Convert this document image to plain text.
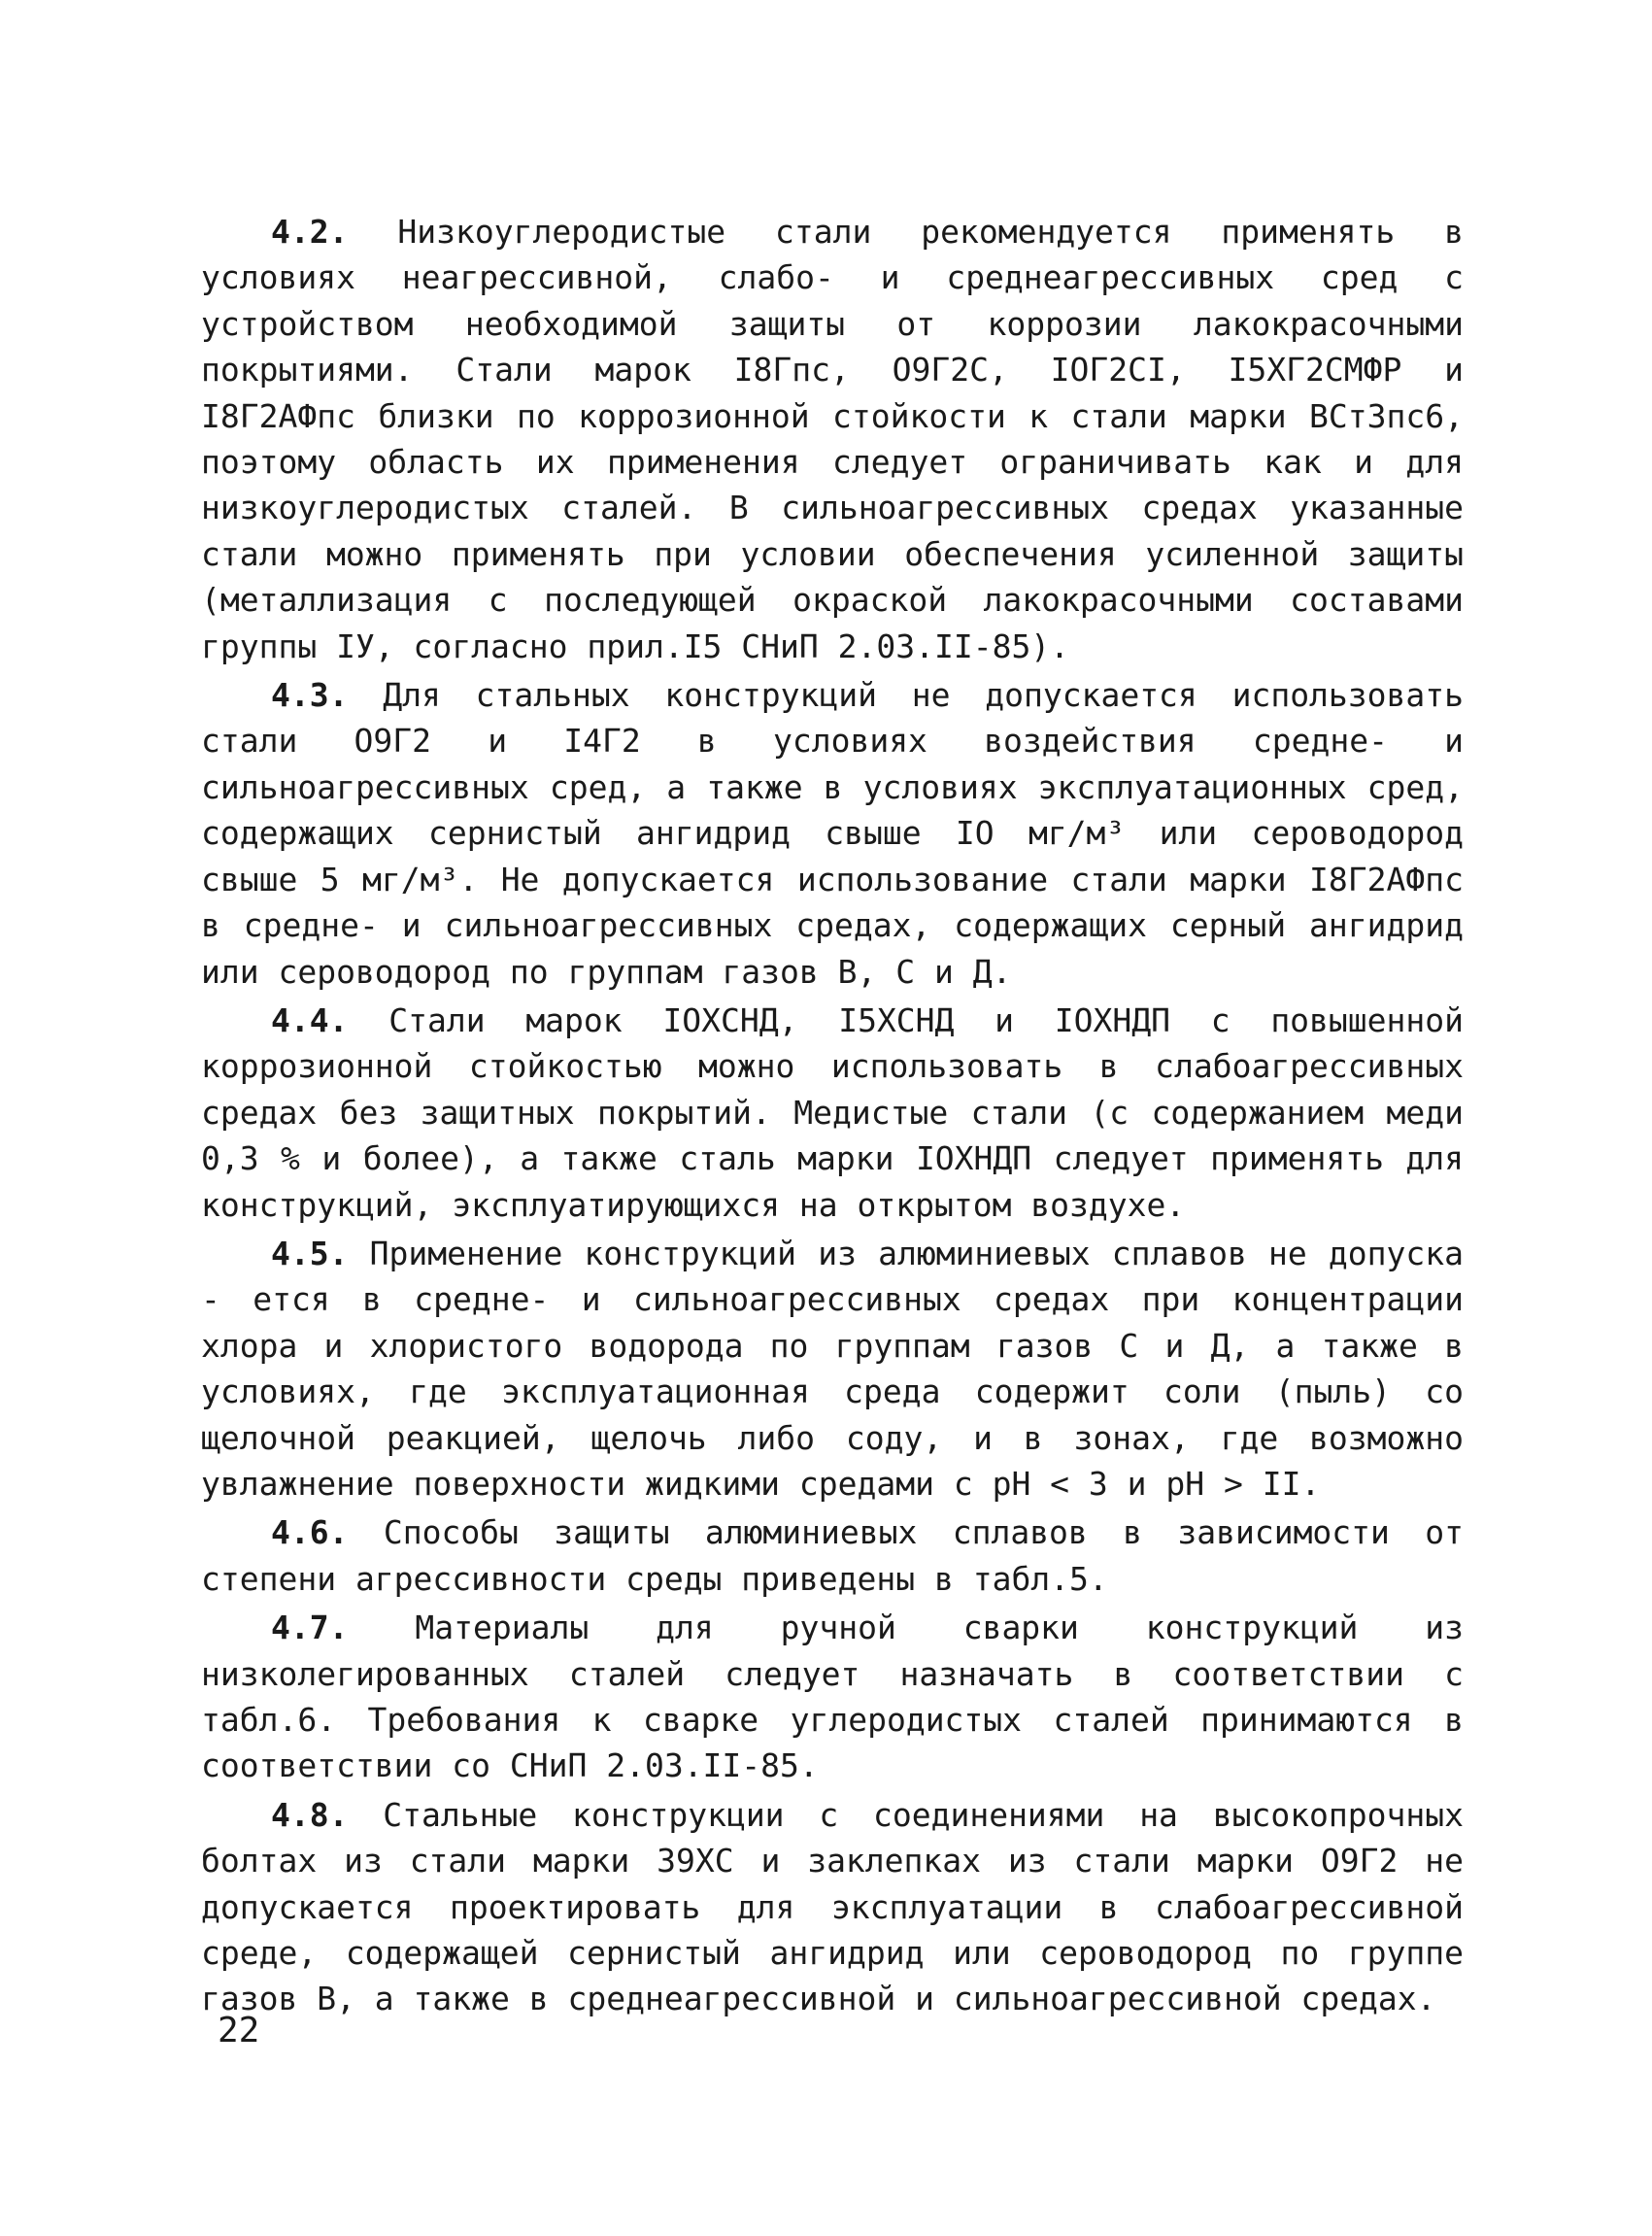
4.2. Низкоуглеродистые стали рекомендуется применять в условиях неагрессивной, слабо- и среднеагрессивных сред с устройством необходимой защиты от коррозии лакокрасочными покрытиями. Стали марок I8Гпс, О9Г2С, IОГ2СI, I5ХГ2СМФР и I8Г2АФпс близки по коррозионной стойкости к стали марки ВСт3пс6, поэтому область их применения следует ограничивать как и для низкоуглеродистых сталей. В сильноагрессивных средах указанные стали можно применять при условии обеспечения усиленной защиты (металлизация с последующей окраской лакокрасочными составами группы IУ, согласно прил.I5 СНиП 2.03.II-85).

4.3. Для стальных конструкций не допускается использовать стали О9Г2 и I4Г2 в условиях воздействия средне- и сильноагрессивных сред, а также в условиях эксплуатационных сред, содержащих сернистый ангидрид свыше IО мг/м³ или сероводород свыше 5 мг/м³. Не допускается использование стали марки I8Г2АФпс в средне- и сильноагрессивных средах, содержащих серный ангидрид или сероводород по группам газов В, С и Д.

4.4. Стали марок IОХСНД, I5ХСНД и IОХНДП с повышенной коррозионной стойкостью можно использовать в слабоагрессивных средах без защитных покрытий. Медистые стали (с содержанием меди 0,3 % и более), а также сталь марки IОХНДП следует применять для конструкций, эксплуатирующихся на открытом воздухе.

4.5. Применение конструкций из алюминиевых сплавов не допуска - ется в средне- и сильноагрессивных средах при концентрации хлора и хлористого водорода по группам газов С и Д, а также в условиях, где эксплуатационная среда содержит соли (пыль) со щелочной реакцией, щелочь либо соду, и в зонах, где возможно увлажнение поверхности жидкими средами с рН < 3 и рН > II.

4.6. Способы защиты алюминиевых сплавов в зависимости от степени агрессивности среды приведены в табл.5.

4.7. Материалы для ручной сварки конструкций из низколегированных сталей следует назначать в соответствии с табл.6. Требования к сварке углеродистых сталей принимаются в соответствии со СНиП 2.03.II-85.

4.8. Стальные конструкции с соединениями на высокопрочных болтах из стали марки 39ХС и заклепках из стали марки О9Г2 не допускается проектировать для эксплуатации в слабоагрессивной среде, содержащей сернистый ангидрид или сероводород по группе газов В, а также в среднеагрессивной и сильноагрессивной средах.

22
